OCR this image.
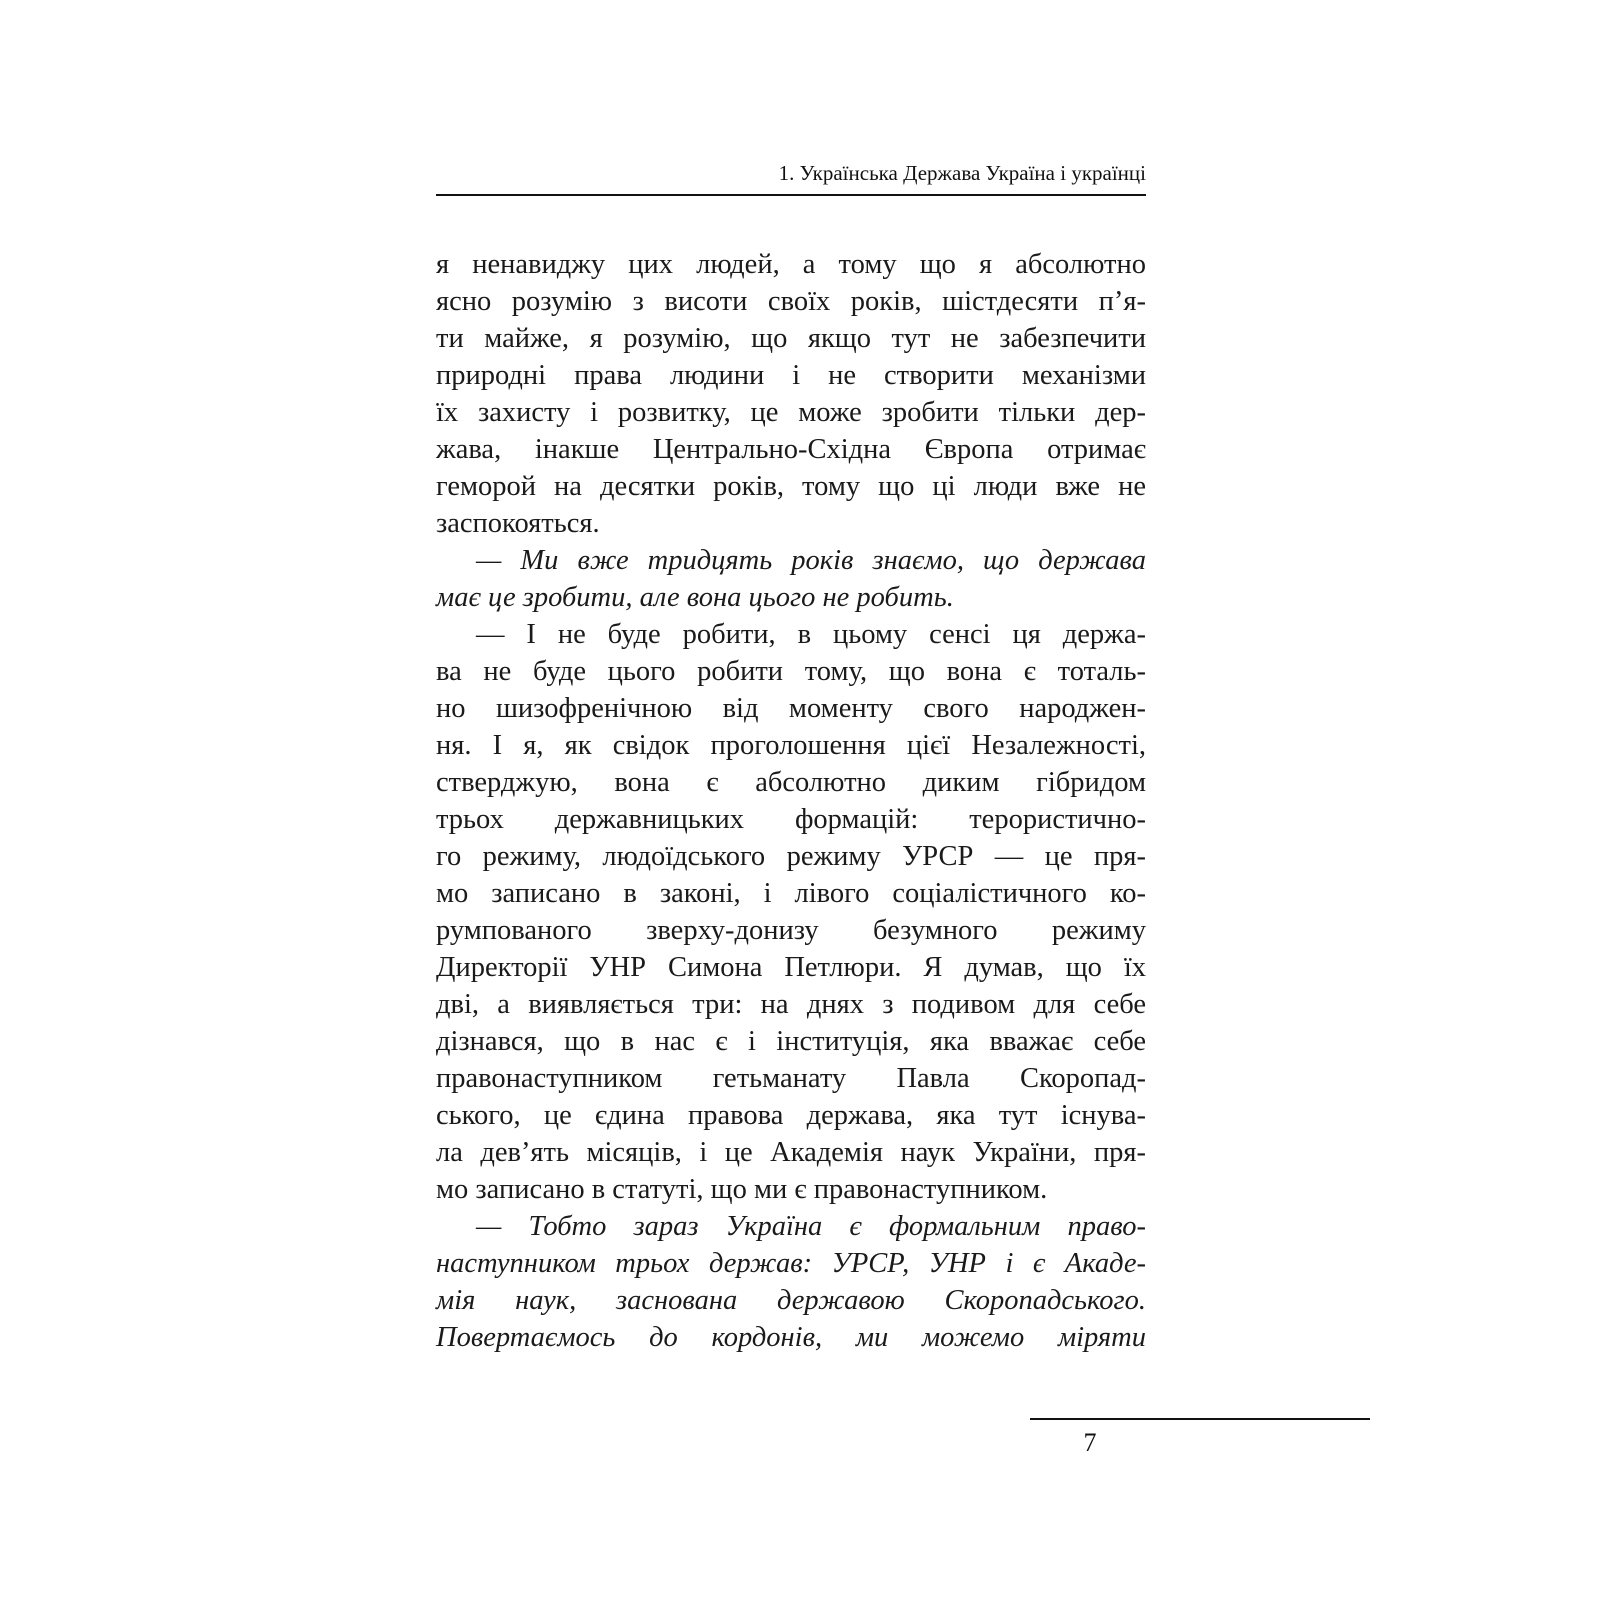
1. Українська Держава Україна і українці
я ненавиджу цих людей, а тому що я абсолютно
ясно розумію з висоти своїх років, шістдесяти п’я-
ти майже, я розумію, що якщо тут не забезпечити
природні права людини і не створити механізми
їх захисту і розвитку, це може зробити тільки дер-
жава, інакше Центрально-Східна Європа отримає
геморой на десятки років, тому що ці люди вже не
заспокояться.
— Ми вже тридцять років знаємо, що держава
має це зробити, але вона цього не робить.
— І не буде робити, в цьому сенсі ця держа-
ва не буде цього робити тому, що вона є тоталь-
но шизофренічною від моменту свого народжен-
ня. І я, як свідок проголошення цієї Незалежності,
стверджую, вона є абсолютно диким гібридом
трьох державницьких формацій: терористично-
го режиму, людоїдського режиму УРСР — це пря-
мо записано в законі, і лівого соціалістичного ко-
румпованого зверху-донизу безумного режиму
Директорії УНР Симона Петлюри. Я думав, що їх
дві, а виявляється три: на днях з подивом для себе
дізнався, що в нас є і інституція, яка вважає себе
правонаступником гетьманату Павла Скоропад-
ського, це єдина правова держава, яка тут існува-
ла дев’ять місяців, і це Академія наук України, пря-
мо записано в статуті, що ми є правонаступником.
— Тобто зараз Україна є формальним право-
наступником трьох держав: УРСР, УНР і є Акаде-
мія наук, заснована державою Скоропадського.
Повертаємось до кордонів, ми можемо міряти
7
